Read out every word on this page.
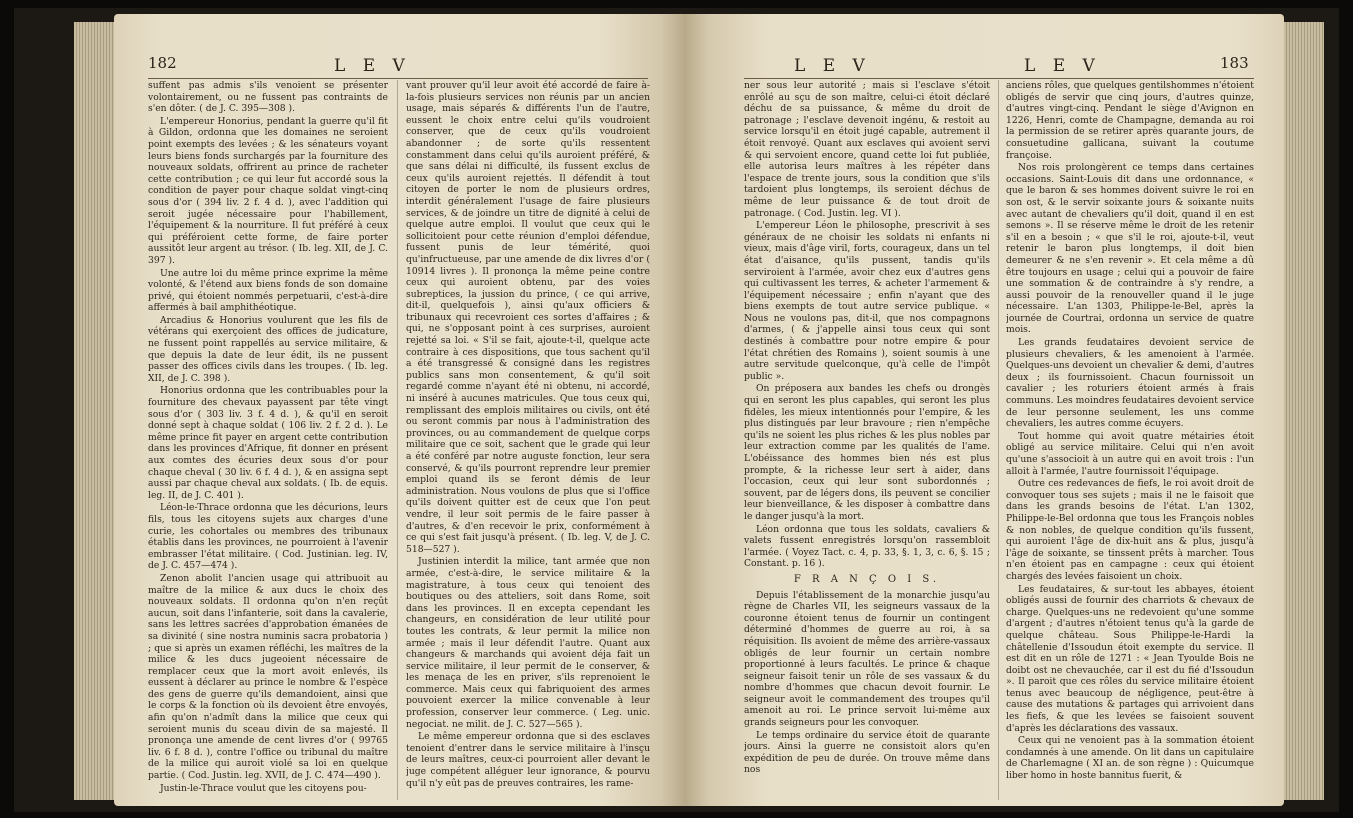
182	L E V

suffent pas admis s'ils venoient se présenter volontairement, ou ne fussent pas contraints de s'en dôter. ( de J. C. 395—308 ).

L'empereur Honorius, pendant la guerre qu'il fit à Gildon, ordonna que les domaines ne seroient point exempts des levées ; & les sénateurs voyant leurs biens fonds surchargés par la fourniture des nouveaux soldats, offrirent au prince de racheter cette contribution ; ce qui leur fut accordé sous la condition de payer pour chaque soldat vingt-cinq sous d'or ( 394 liv. 2 f. 4 d. ), avec l'addition qui seroit jugée nécessaire pour l'habillement, l'équipement & la nourriture. Il fut préféré à ceux qui préféroient cette forme, de faire porter aussitôt leur argent au trésor. ( Ib. leg. XII, de J. C. 397 ).

Une autre loi du même prince exprime la même volonté, & l'étend aux biens fonds de son domaine privé, qui étoient nommés perpetuarii, c'est-à-dire affermés à bail amphithéotique.

Arcadius & Honorius voulurent que les fils de vétérans qui exerçoient des offices de judicature, ne fussent point rappellés au service militaire, & que depuis la date de leur édit, ils ne pussent passer des offices civils dans les troupes. ( Ib. leg. XII, de J. C. 398 ).

Honorius ordonna que les contribuables pour la fourniture des chevaux payassent par tête vingt sous d'or ( 303 liv. 3 f. 4 d. ), & qu'il en seroit donné sept à chaque soldat ( 106 liv. 2 f. 2 d. ). Le même prince fit payer en argent cette contribution dans les provinces d'Afrique, fit donner en présent aux comtes des écuries deux sous d'or pour chaque cheval ( 30 liv. 6 f. 4 d. ), & en assigna sept aussi par chaque cheval aux soldats. ( Ib. de equis. leg. II, de J. C. 401 ).

Léon-le-Thrace ordonna que les décurions, leurs fils, tous les citoyens sujets aux charges d'une curie, les cohortales ou membres des tribunaux établis dans les provinces, ne pourroient à l'avenir embrasser l'état militaire. ( Cod. Justinian. leg. IV, de J. C. 457—474 ).

Zenon abolit l'ancien usage qui attribuoit au maître de la milice & aux ducs le choix des nouveaux soldats. Il ordonna qu'on n'en reçût aucun, soit dans l'infanterie, soit dans la cavalerie, sans les lettres sacrées d'approbation émanées de sa divinité ( sine nostra numinis sacra probatoria ) ; que si après un examen réfléchi, les maîtres de la milice & les ducs jugeoient nécessaire de remplacer ceux que la mort avoit enlevés, ils eussent à déclarer au prince le nombre & l'espèce des gens de guerre qu'ils demandoient, ainsi que le corps & la fonction où ils devoient être envoyés, afin qu'on n'admît dans la milice que ceux qui seroient munis du sceau divin de sa majesté. Il prononça une amende de cent livres d'or ( 99765 liv. 6 f. 8 d. ), contre l'office ou tribunal du maître de la milice qui auroit violé sa loi en quelque partie. ( Cod. Justin. leg. XVII, de J. C. 474—490 ).

Justin-le-Thrace voulut que les citoyens pou-

vant prouver qu'il leur avoit été accordé de faire à-la-fois plusieurs services non réunis par un ancien usage, mais séparés & différents l'un de l'autre, eussent le choix entre celui qu'ils voudroient conserver, que de ceux qu'ils voudroient abandonner ; de sorte qu'ils ressentent constamment dans celui qu'ils auroient préféré, & que sans délai ni difficulté, ils fussent exclus de ceux qu'ils auroient rejettés. Il défendit à tout citoyen de porter le nom de plusieurs ordres, interdit généralement l'usage de faire plusieurs services, & de joindre un titre de dignité à celui de quelque autre emploi. Il voulut que ceux qui le sollicitoient pour cette réunion d'emploi défendue, fussent punis de leur témérité, quoi qu'infructueuse, par une amende de dix livres d'or ( 10914 livres ). Il prononça la même peine contre ceux qui auroient obtenu, par des voies subreptices, la jussion du prince, ( ce qui arrive, dit-il, quelquefois ), ainsi qu'aux officiers & tribunaux qui recevroient ces sortes d'affaires ; & qui, ne s'opposant point à ces surprises, auroient rejetté sa loi. « S'il se fait, ajoute-t-il, quelque acte contraire à ces dispositions, que tous sachent qu'il a été transgressé & consigné dans les registres publics sans mon consentement, & qu'il soit regardé comme n'ayant été ni obtenu, ni accordé, ni inséré à aucunes matricules. Que tous ceux qui, remplissant des emplois militaires ou civils, ont été ou seront commis par nous à l'administration des provinces, ou au commandement de quelque corps militaire que ce soit, sachent que le grade qui leur a été conféré par notre auguste fonction, leur sera conservé, & qu'ils pourront reprendre leur premier emploi quand ils se feront démis de leur administration. Nous voulons de plus que si l'office qu'ils doivent quitter est de ceux que l'on peut vendre, il leur soit permis de le faire passer à d'autres, & d'en recevoir le prix, conformément à ce qui s'est fait jusqu'à présent. ( Ib. leg. V, de J. C. 518—527 ).

Justinien interdit la milice, tant armée que non armée, c'est-à-dire, le service militaire & la magistrature, à tous ceux qui tenoient des boutiques ou des atteliers, soit dans Rome, soit dans les provinces. Il en excepta cependant les changeurs, en considération de leur utilité pour toutes les contrats, & leur permit la milice non armée ; mais il leur défendit l'autre. Quant aux changeurs & marchands qui avoient déja fait un service militaire, il leur permit de le conserver, & les menaça de les en priver, s'ils reprenoient le commerce. Mais ceux qui fabriquoient des armes pouvoient exercer la milice convenable à leur profession, conserver leur commerce. ( Leg. unic. negociat. ne milit. de J. C. 527—565 ).

Le même empereur ordonna que si des esclaves tenoient d'entrer dans le service militaire à l'insçu de leurs maîtres, ceux-ci pourroient aller devant le juge compétent alléguer leur ignorance, & pourvu qu'il n'y eût pas de preuves contraires, les rame-

L E V	L E V	183

ner sous leur autorité ; mais si l'esclave s'étoit enrôlé au sçu de son maître, celui-ci étoit déclaré déchu de sa puissance, & même du droit de patronage ; l'esclave devenoit ingénu, & restoit au service lorsqu'il en étoit jugé capable, autrement il étoit renvoyé. Quant aux esclaves qui avoient servi & qui servoient encore, quand cette loi fut publiée, elle autorisa leurs maîtres à les répéter dans l'espace de trente jours, sous la condition que s'ils tardoient plus longtemps, ils seroient déchus de même de leur puissance & de tout droit de patronage. ( Cod. Justin. leg. VI ).

L'empereur Léon le philosophe, prescrivit à ses généraux de ne choisir les soldats ni enfants ni vieux, mais d'âge viril, forts, courageux, dans un tel état d'aisance, qu'ils pussent, tandis qu'ils serviroient à l'armée, avoir chez eux d'autres gens qui cultivassent les terres, & acheter l'armement & l'équipement nécessaire ; enfin n'ayant que des biens exempts de tout autre service publique. « Nous ne voulons pas, dit-il, que nos compagnons d'armes, ( & j'appelle ainsi tous ceux qui sont destinés à combattre pour notre empire & pour l'état chrétien des Romains ), soient soumis à une autre servitude quelconque, qu'à celle de l'impôt public ».

On préposera aux bandes les chefs ou drongès qui en seront les plus capables, qui seront les plus fidèles, les mieux intentionnés pour l'empire, & les plus distingués par leur bravoure ; rien n'empêche qu'ils ne soient les plus riches & les plus nobles par leur extraction comme par les qualités de l'ame. L'obéissance des hommes bien nés est plus prompte, & la richesse leur sert à aider, dans l'occasion, ceux qui leur sont subordonnés ; souvent, par de légers dons, ils peuvent se concilier leur bienveillance, & les disposer à combattre dans le danger jusqu'à la mort.

Léon ordonna que tous les soldats, cavaliers & valets fussent enregistrés lorsqu'on rassembloit l'armée. ( Voyez Tact. c. 4, p. 33, §. 1, 3, c. 6, §. 15 ; Constant. p. 16 ).

F R A N Ç O I S.

Depuis l'établissement de la monarchie jusqu'au règne de Charles VII, les seigneurs vassaux de la couronne étoient tenus de fournir un contingent déterminé d'hommes de guerre au roi, à sa réquisition. Ils avoient de même des arrière-vassaux obligés de leur fournir un certain nombre proportionné à leurs facultés. Le prince & chaque seigneur faisoit tenir un rôle de ses vassaux & du nombre d'hommes que chacun devoit fournir. Le seigneur avoit le commandement des troupes qu'il amenoit au roi. Le prince servoit lui-même aux grands seigneurs pour les convoquer.

Le temps ordinaire du service étoit de quarante jours. Ainsi la guerre ne consistoit alors qu'en expédition de peu de durée. On trouve même dans nos

anciens rôles, que quelques gentilshommes n'étoient obligés de servir que cinq jours, d'autres quinze, d'autres vingt-cinq. Pendant le siège d'Avignon en 1226, Henri, comte de Champagne, demanda au roi la permission de se retirer après quarante jours, de consuetudine gallicana, suivant la coutume françoise.

Nos rois prolongèrent ce temps dans certaines occasions. Saint-Louis dit dans une ordonnance, « que le baron & ses hommes doivent suivre le roi en son ost, & le servir soixante jours & soixante nuits avec autant de chevaliers qu'il doit, quand il en est semons ». Il se réserve même le droit de les retenir s'il en a besoin ; « que s'il le roi, ajoute-t-il, veut retenir le baron plus longtemps, il doit bien demeurer & ne s'en revenir ». Et cela même a dû être toujours en usage ; celui qui a pouvoir de faire une sommation & de contraindre à s'y rendre, a aussi pouvoir de la renouveller quand il le juge nécessaire. L'an 1303, Philippe-le-Bel, après la journée de Courtrai, ordonna un service de quatre mois.

Les grands feudataires devoient service de plusieurs chevaliers, & les amenoient à l'armée. Quelques-uns devoient un chevalier & demi, d'autres deux ; ils fournissoient. Chacun fournissoit un cavalier ; les roturiers étoient armés à frais communs. Les moindres feudataires devoient service de leur personne seulement, les uns comme chevaliers, les autres comme écuyers.

Tout homme qui avoit quatre métairies étoit obligé au service militaire. Celui qui n'en avoit qu'une s'associoit à un autre qui en avoit trois : l'un alloit à l'armée, l'autre fournissoit l'équipage.

Outre ces redevances de fiefs, le roi avoit droit de convoquer tous ses sujets ; mais il ne le faisoit que dans les grands besoins de l'état. L'an 1302, Philippe-le-Bel ordonna que tous les François nobles & non nobles, de quelque condition qu'ils fussent, qui auroient l'âge de dix-huit ans & plus, jusqu'à l'âge de soixante, se tinssent prêts à marcher. Tous n'en étoient pas en campagne : ceux qui étoient chargés des levées faisoient un choix.

Les feudataires, & sur-tout les abbayes, étoient obligés aussi de fournir des charriots & chevaux de charge. Quelques-uns ne redevoient qu'une somme d'argent ; d'autres n'étoient tenus qu'à la garde de quelque château. Sous Philippe-le-Hardi la châtellenie d'Issoudun étoit exempte du service. Il est dit en un rôle de 1271 : « Jean Tyoulde Bois ne doibt ost ne chevauchée, car il est du fié d'Issoudun ». Il paroit que ces rôles du service militaire étoient tenus avec beaucoup de négligence, peut-être à cause des mutations & partages qui arrivoient dans les fiefs, & que les levées se faisoient souvent d'après les déclarations des vassaux.

Ceux qui ne venoient pas à la sommation étoient condamnés à une amende. On lit dans un capitulaire de Charlemagne ( XI an. de son règne ) : Quicumque liber homo in hoste bannitus fuerit, &
